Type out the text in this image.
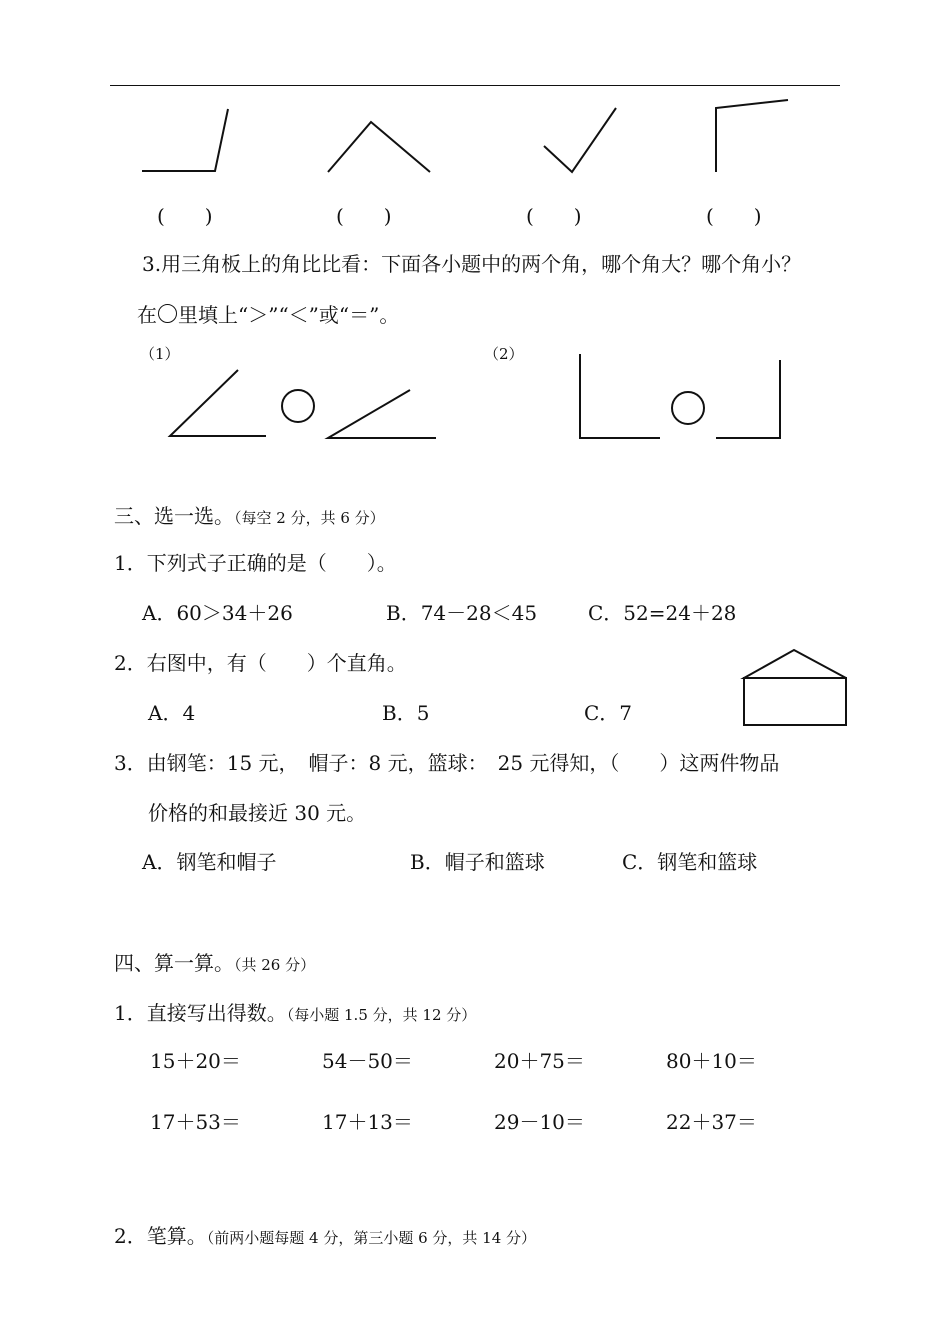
(　　)	(　　)	(　　)	(　　)
3.用三角板上的角比比看：下面各小题中的两个角，哪个角大？哪个角小？
在 里填上“＞”“＜”或“＝”。
（1）	（2）
三、选一选。（每空 2 分，共 6 分）
1．下列式子正确的是（　　）。
A．60＞34＋26	B．74－28＜45	C．52=24＋28
2．右图中，有（　　）个直角。
A．4	B．5	C．7
3．由钢笔：15 元，　帽子：8 元，篮球：　25 元得知，（　　）这两件物品
价格的和最接近 30 元。
A．钢笔和帽子	B．帽子和篮球	C．钢笔和篮球
四、算一算。（共 26 分）
1．直接写出得数。（每小题 1.5 分，共 12 分）
15＋20＝	54－50＝	20＋75＝	80＋10＝
17＋53＝	17＋13＝	29－10＝	22＋37＝
2．笔算。（前两小题每题 4 分，第三小题 6 分，共 14 分）
